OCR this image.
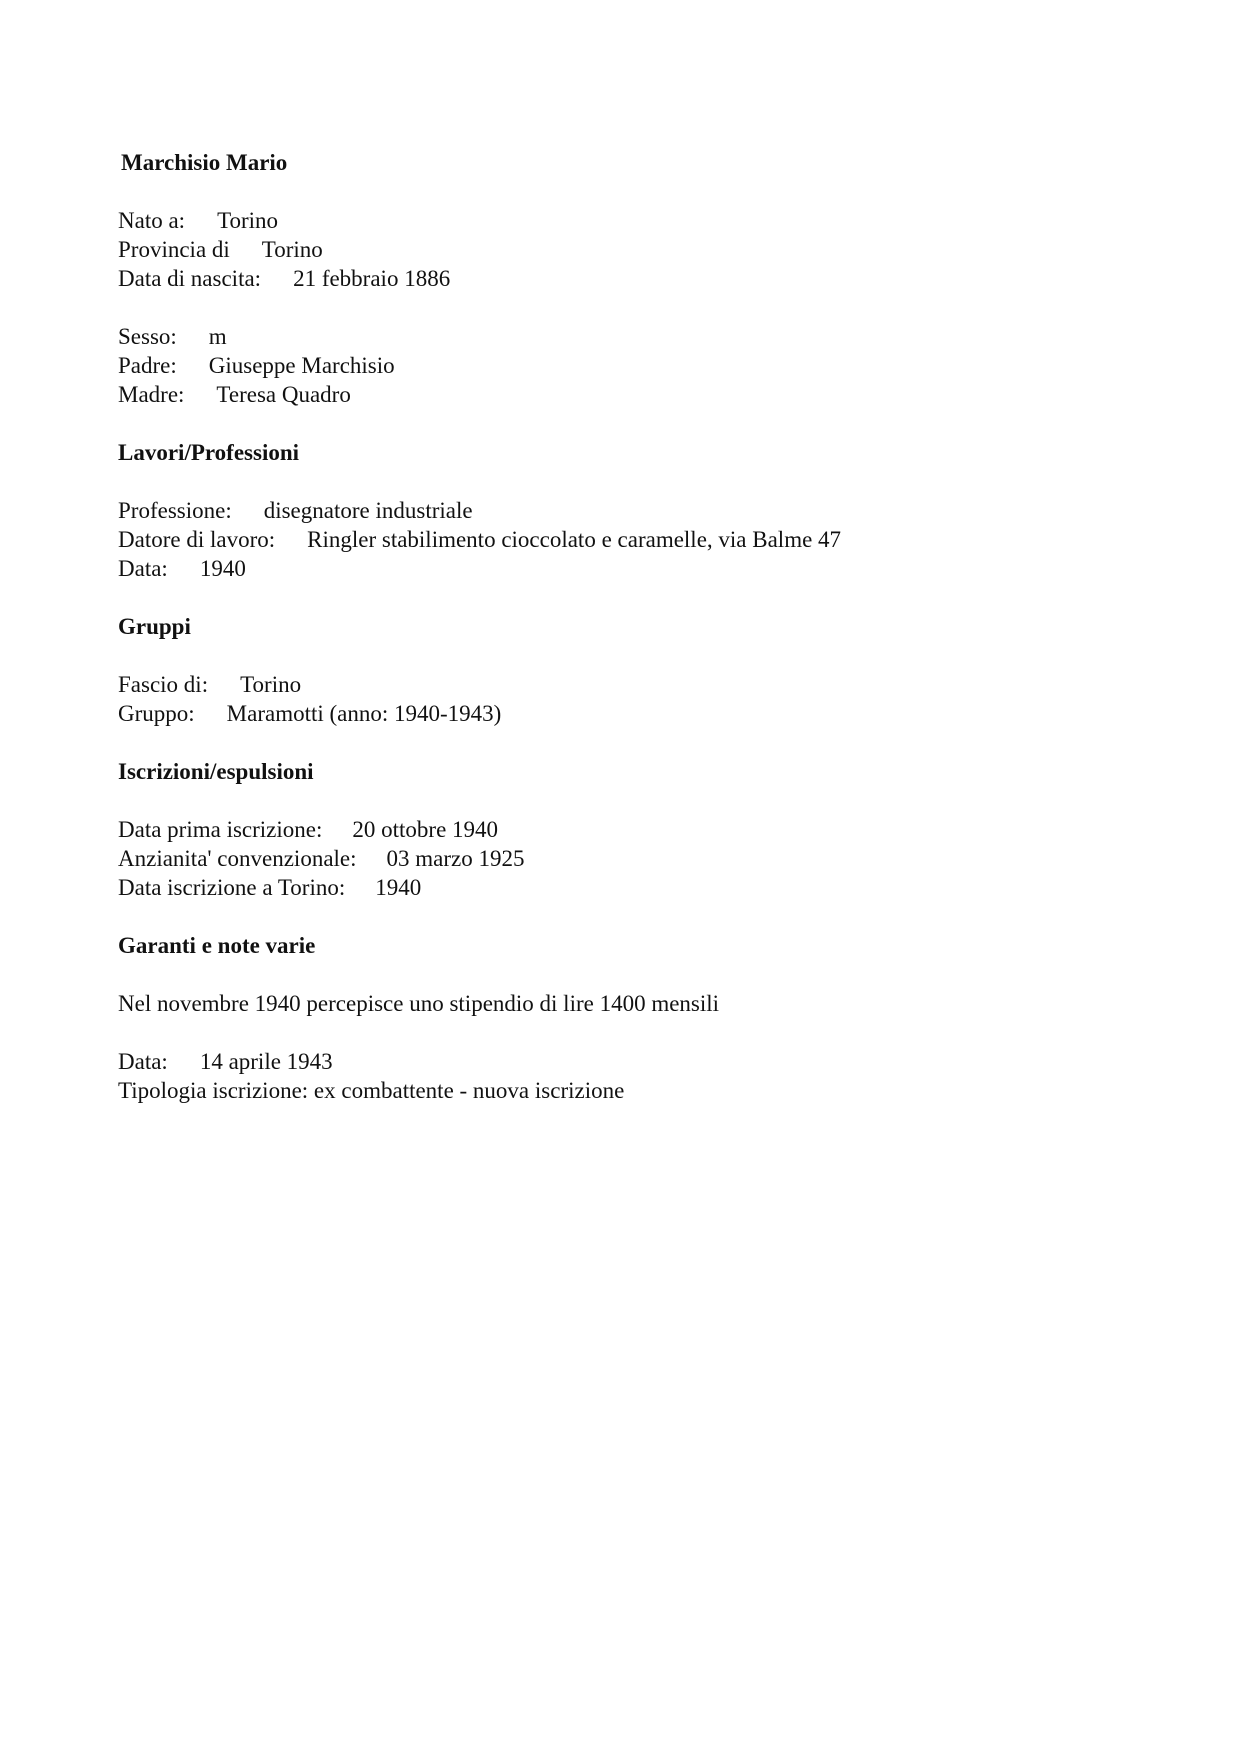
Marchisio Mario
Nato a: Torino
Provincia di Torino
Data di nascita: 21 febbraio 1886
Sesso: m
Padre: Giuseppe Marchisio
Madre: Teresa Quadro
Lavori/Professioni
Professione: disegnatore industriale
Datore di lavoro: Ringler stabilimento cioccolato e caramelle, via Balme 47
Data: 1940
Gruppi
Fascio di: Torino
Gruppo: Maramotti (anno: 1940-1943)
Iscrizioni/espulsioni
Data prima iscrizione: 20 ottobre 1940
Anzianita' convenzionale: 03 marzo 1925
Data iscrizione a Torino: 1940
Garanti e note varie
Nel novembre 1940 percepisce uno stipendio di lire 1400 mensili
Data: 14 aprile 1943
Tipologia iscrizione: ex combattente - nuova iscrizione
